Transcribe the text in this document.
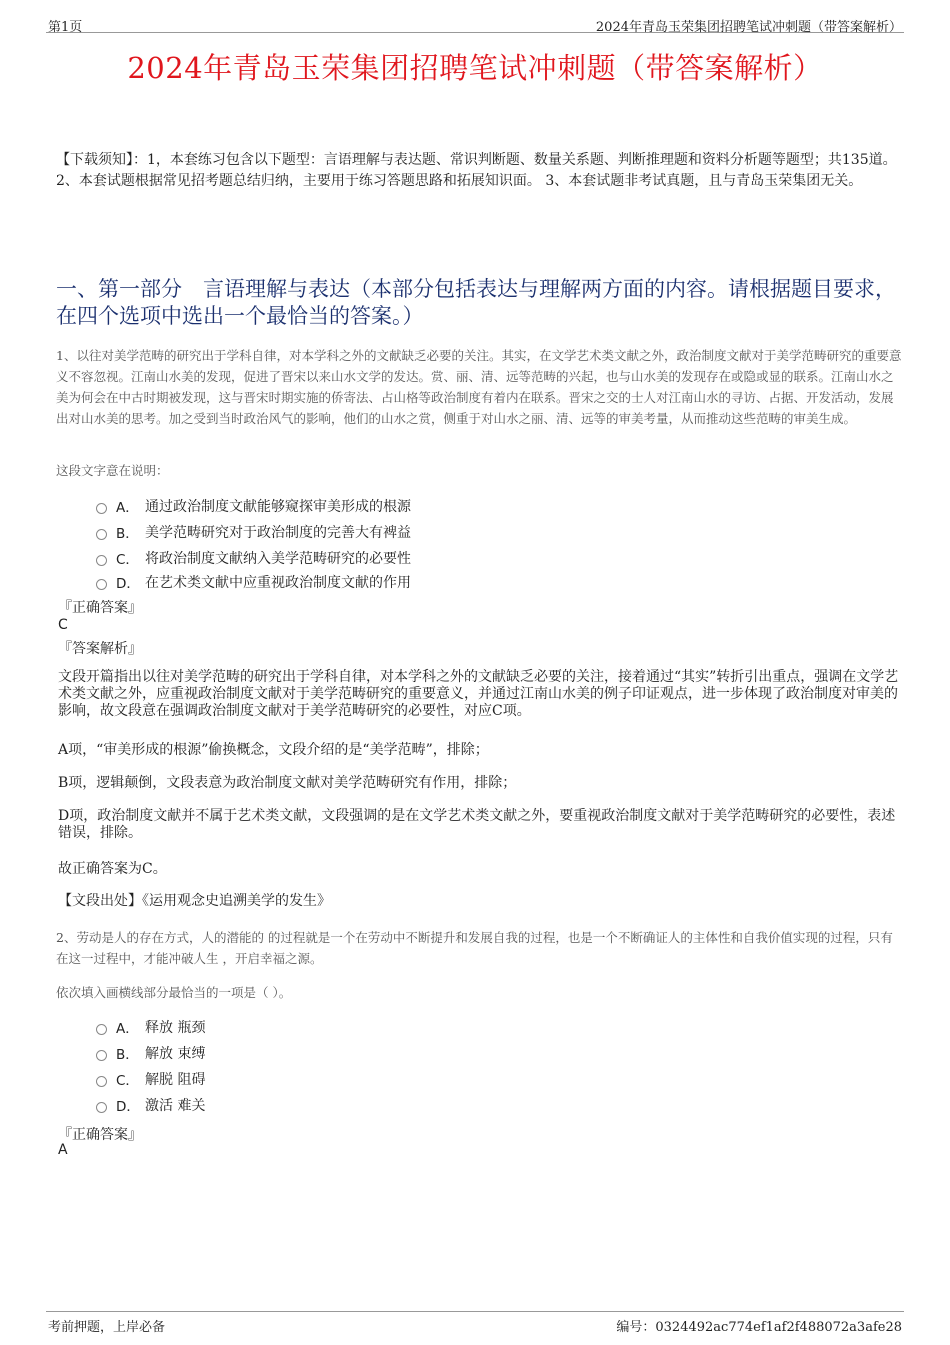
第1页	2024年青岛玉荣集团招聘笔试冲刺题（带答案解析）
2024年青岛玉荣集团招聘笔试冲刺题（带答案解析）
【下载须知】：1，本套练习包含以下题型：言语理解与表达题、常识判断题、数量关系题、判断推理题和资料分析题等题型；共135道。 2、本套试题根据常见招考题总结归纳，主要用于练习答题思路和拓展知识面。 3、本套试题非考试真题，且与青岛玉荣集团无关。
一、第一部分　言语理解与表达（本部分包括表达与理解两方面的内容。请根据题目要求，在四个选项中选出一个最恰当的答案。）
1、以往对美学范畴的研究出于学科自律，对本学科之外的文献缺乏必要的关注。其实，在文学艺术类文献之外，政治制度文献对于美学范畴研究的重要意义不容忽视。江南山水美的发现，促进了晋宋以来山水文学的发达。赏、丽、清、远等范畴的兴起，也与山水美的发现存在或隐或显的联系。江南山水之美为何会在中古时期被发现，这与晋宋时期实施的侨寄法、占山格等政治制度有着内在联系。晋宋之交的士人对江南山水的寻访、占据、开发活动，发展出对山水美的思考。加之受到当时政治风气的影响，他们的山水之赏，侧重于对山水之丽、清、远等的审美考量，从而推动这些范畴的审美生成。
这段文字意在说明：
A． 通过政治制度文献能够窥探审美形成的根源
B． 美学范畴研究对于政治制度的完善大有裨益
C． 将政治制度文献纳入美学范畴研究的必要性
D． 在艺术类文献中应重视政治制度文献的作用
『正确答案』
C
『答案解析』
文段开篇指出以往对美学范畴的研究出于学科自律，对本学科之外的文献缺乏必要的关注，接着通过“其实”转折引出重点，强调在文学艺术类文献之外，应重视政治制度文献对于美学范畴研究的重要意义，并通过江南山水美的例子印证观点，进一步体现了政治制度对审美的影响，故文段意在强调政治制度文献对于美学范畴研究的必要性，对应C项。
A项，“审美形成的根源”偷换概念，文段介绍的是“美学范畴”，排除；
B项，逻辑颠倒，文段表意为政治制度文献对美学范畴研究有作用，排除；
D项，政治制度文献并不属于艺术类文献，文段强调的是在文学艺术类文献之外，要重视政治制度文献对于美学范畴研究的必要性，表述错误，排除。
故正确答案为C。
【文段出处】《运用观念史追溯美学的发生》
2、劳动是人的存在方式，人的潜能的 的过程就是一个在劳动中不断提升和发展自我的过程，也是一个不断确证人的主体性和自我价值实现的过程，只有在这一过程中，才能冲破人生 ，开启幸福之源。
依次填入画横线部分最恰当的一项是（ ）。
A． 释放 瓶颈
B． 解放 束缚
C． 解脱 阻碍
D． 激活 难关
『正确答案』
A
考前押题，上岸必备	编号：0324492ac774ef1af2f488072a3afe28
